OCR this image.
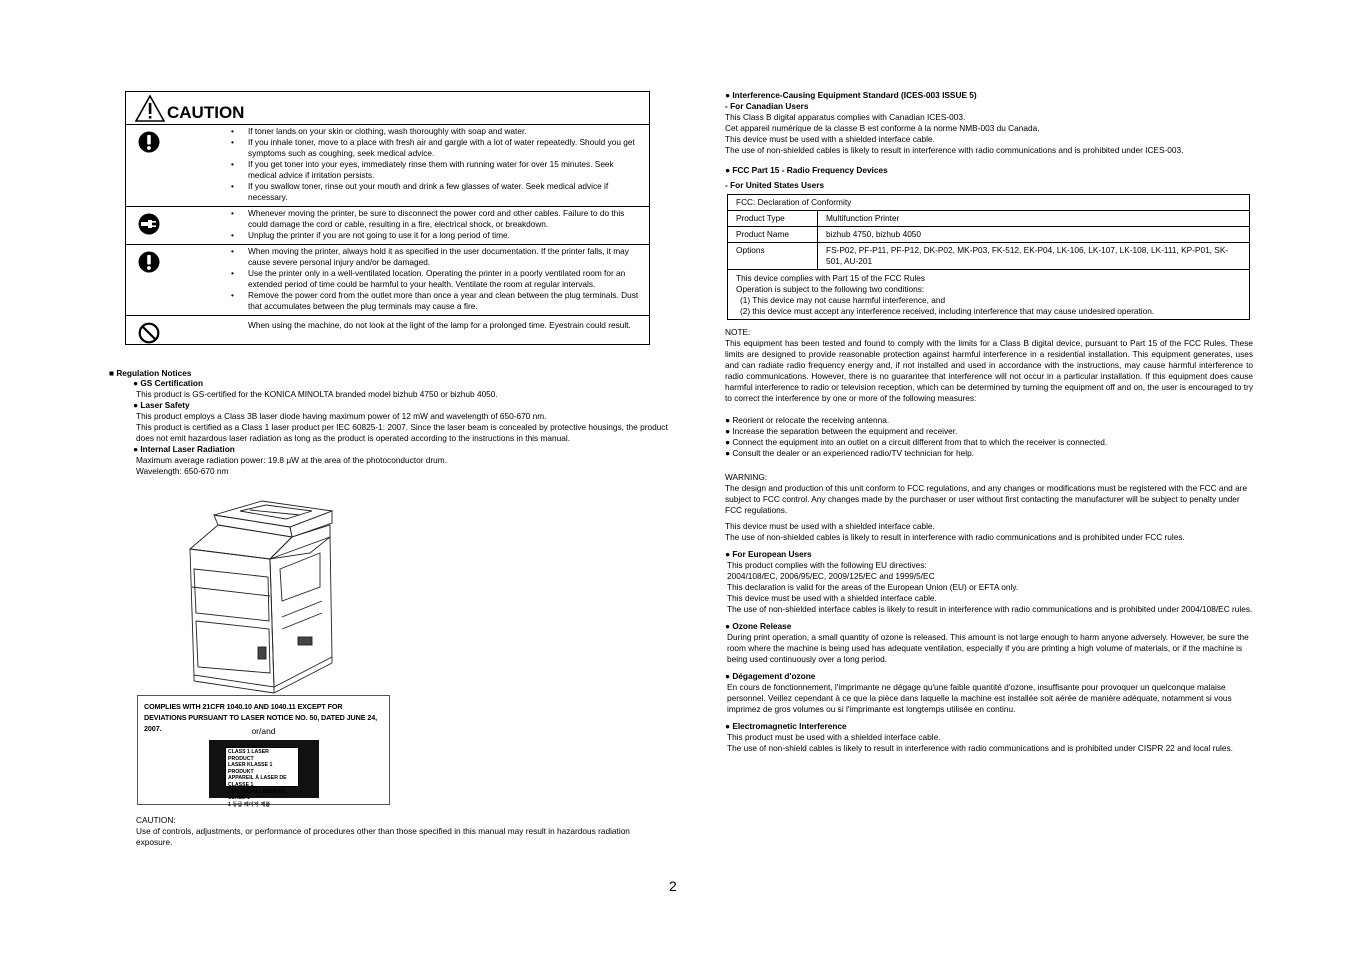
CAUTION
• If toner lands on your skin or clothing, wash thoroughly with soap and water.
• If you inhale toner, move to a place with fresh air and gargle with a lot of water repeatedly. Should you get symptoms such as coughing, seek medical advice.
• If you get toner into your eyes, immediately rinse them with running water for over 15 minutes. Seek medical advice if irritation persists.
• If you swallow toner, rinse out your mouth and drink a few glasses of water. Seek medical advice if necessary.
• Whenever moving the printer, be sure to disconnect the power cord and other cables. Failure to do this could damage the cord or cable, resulting in a fire, electrical shock, or breakdown.
• Unplug the printer if you are not going to use it for a long period of time.
• When moving the printer, always hold it as specified in the user documentation. If the printer falls, it may cause severe personal injury and/or be damaged.
• Use the printer only in a well-ventilated location. Operating the printer in a poorly ventilated room for an extended period of time could be harmful to your health. Ventilate the room at regular intervals.
• Remove the power cord from the outlet more than once a year and clean between the plug terminals. Dust that accumulates between the plug terminals may cause a fire.

When using the machine, do not look at the light of the lamp for a prolonged time. Eyestrain could result.

■ Regulation Notices

● GS Certification

This product is GS-certified for the KONICA MINOLTA branded model bizhub 4750 or bizhub 4050.

● Laser Safety

This product employs a Class 3B laser diode having maximum power of 12 mW and wavelength of 650-670 nm.

This product is certified as a Class 1 laser product per IEC 60825-1: 2007. Since the laser beam is concealed by protective housings, the product does not emit hazardous laser radiation as long as the product is operated according to the instructions in this manual.

● Internal Laser Radiation

Maximum average radiation power: 19.8 μW at the area of the photoconductor drum.

Wavelength: 650-670 nm

COMPLIES WITH 21CFR 1040.10 AND 1040.11 EXCEPT FOR
DEVIATIONS PURSUANT TO LASER NOTICE NO. 50, DATED JUNE 24, 2007.	or/and
CLASS 1 LASER PRODUCT
LASER KLASSE 1 PRODUKT
APPAREIL À LASER DE CLASSE 1
PRODUCTO LÁSER DE CLASE 1
1 등급 레이저 제품

CAUTION:

Use of controls, adjustments, or performance of procedures other than those specified in this manual may result in hazardous radiation exposure.

2

● Interference-Causing Equipment Standard (ICES-003 ISSUE 5)

- For Canadian Users

This Class B digital apparatus complies with Canadian ICES-003.

Cet appareil numérique de la classe B est conforme à la norme NMB-003 du Canada.

This device must be used with a shielded interface cable.

The use of non-shielded cables is likely to result in interference with radio communications and is prohibited under ICES-003.

● FCC Part 15 - Radio Frequency Devices

- For United States Users

FCC: Declaration of Conformity	
Product Type	Multifunction Printer
Product Name	bizhub 4750, bizhub 4050
Options	FS-P02, PF-P11, PF-P12, DK-P02, MK-P03, FK-512, EK-P04, LK-106, LK-107, LK-108, LK-111, KP-P01, SK-501, AU-201

This device complies with Part 15 of the FCC Rules
Operation is subject to the following two conditions:
(1) This device may not cause harmful interference, and
(2) this device must accept any interference received, including interference that may cause undesired operation.	

NOTE:

This equipment has been tested and found to comply with the limits for a Class B digital device, pursuant to Part 15 of the FCC Rules. These limits are designed to provide reasonable protection against harmful interference in a residential installation. This equipment generates, uses and can radiate radio frequency energy and, if not installed and used in accordance with the instructions, may cause harmful interference to radio communications. However, there is no guarantee that interference will not occur in a particular installation. If this equipment does cause harmful interference to radio or television reception, which can be determined by turning the equipment off and on, the user is encouraged to try to correct the interference by one or more of the following measures:

● Reorient or relocate the receiving antenna.

● Increase the separation between the equipment and receiver.

● Connect the equipment into an outlet on a circuit different from that to which the receiver is connected.

● Consult the dealer or an experienced radio/TV technician for help.

WARNING:

The design and production of this unit conform to FCC regulations, and any changes or modifications must be registered with the FCC and are subject to FCC control. Any changes made by the purchaser or user without first contacting the manufacturer will be subject to penalty under FCC regulations.

This device must be used with a shielded interface cable.

The use of non-shielded cables is likely to result in interference with radio communications and is prohibited under FCC rules.

● For European Users

This product complies with the following EU directives:

2004/108/EC, 2006/95/EC, 2009/125/EC and 1999/5/EC

This declaration is valid for the areas of the European Union (EU) or EFTA only.

This device must be used with a shielded interface cable.

The use of non-shielded interface cables is likely to result in interference with radio communications and is prohibited under 2004/108/EC rules.

● Ozone Release

During print operation, a small quantity of ozone is released. This amount is not large enough to harm anyone adversely. However, be sure the room where the machine is being used has adequate ventilation, especially if you are printing a high volume of materials, or if the machine is being used continuously over a long period.

● Dégagement d'ozone

En cours de fonctionnement, l'imprimante ne dégage qu'une faible quantité d'ozone, insuffisante pour provoquer un quelconque malaise personnel. Veillez cependant à ce que la pièce dans laquelle la machine est installée soit aérée de manière adéquate, notamment si vous imprimez de gros volumes ou si l'imprimante est longtemps utilisée en continu.

● Electromagnetic Interference

This product must be used with a shielded interface cable.

The use of non-shield cables is likely to result in interference with radio communications and is prohibited under CISPR 22 and local rules.
